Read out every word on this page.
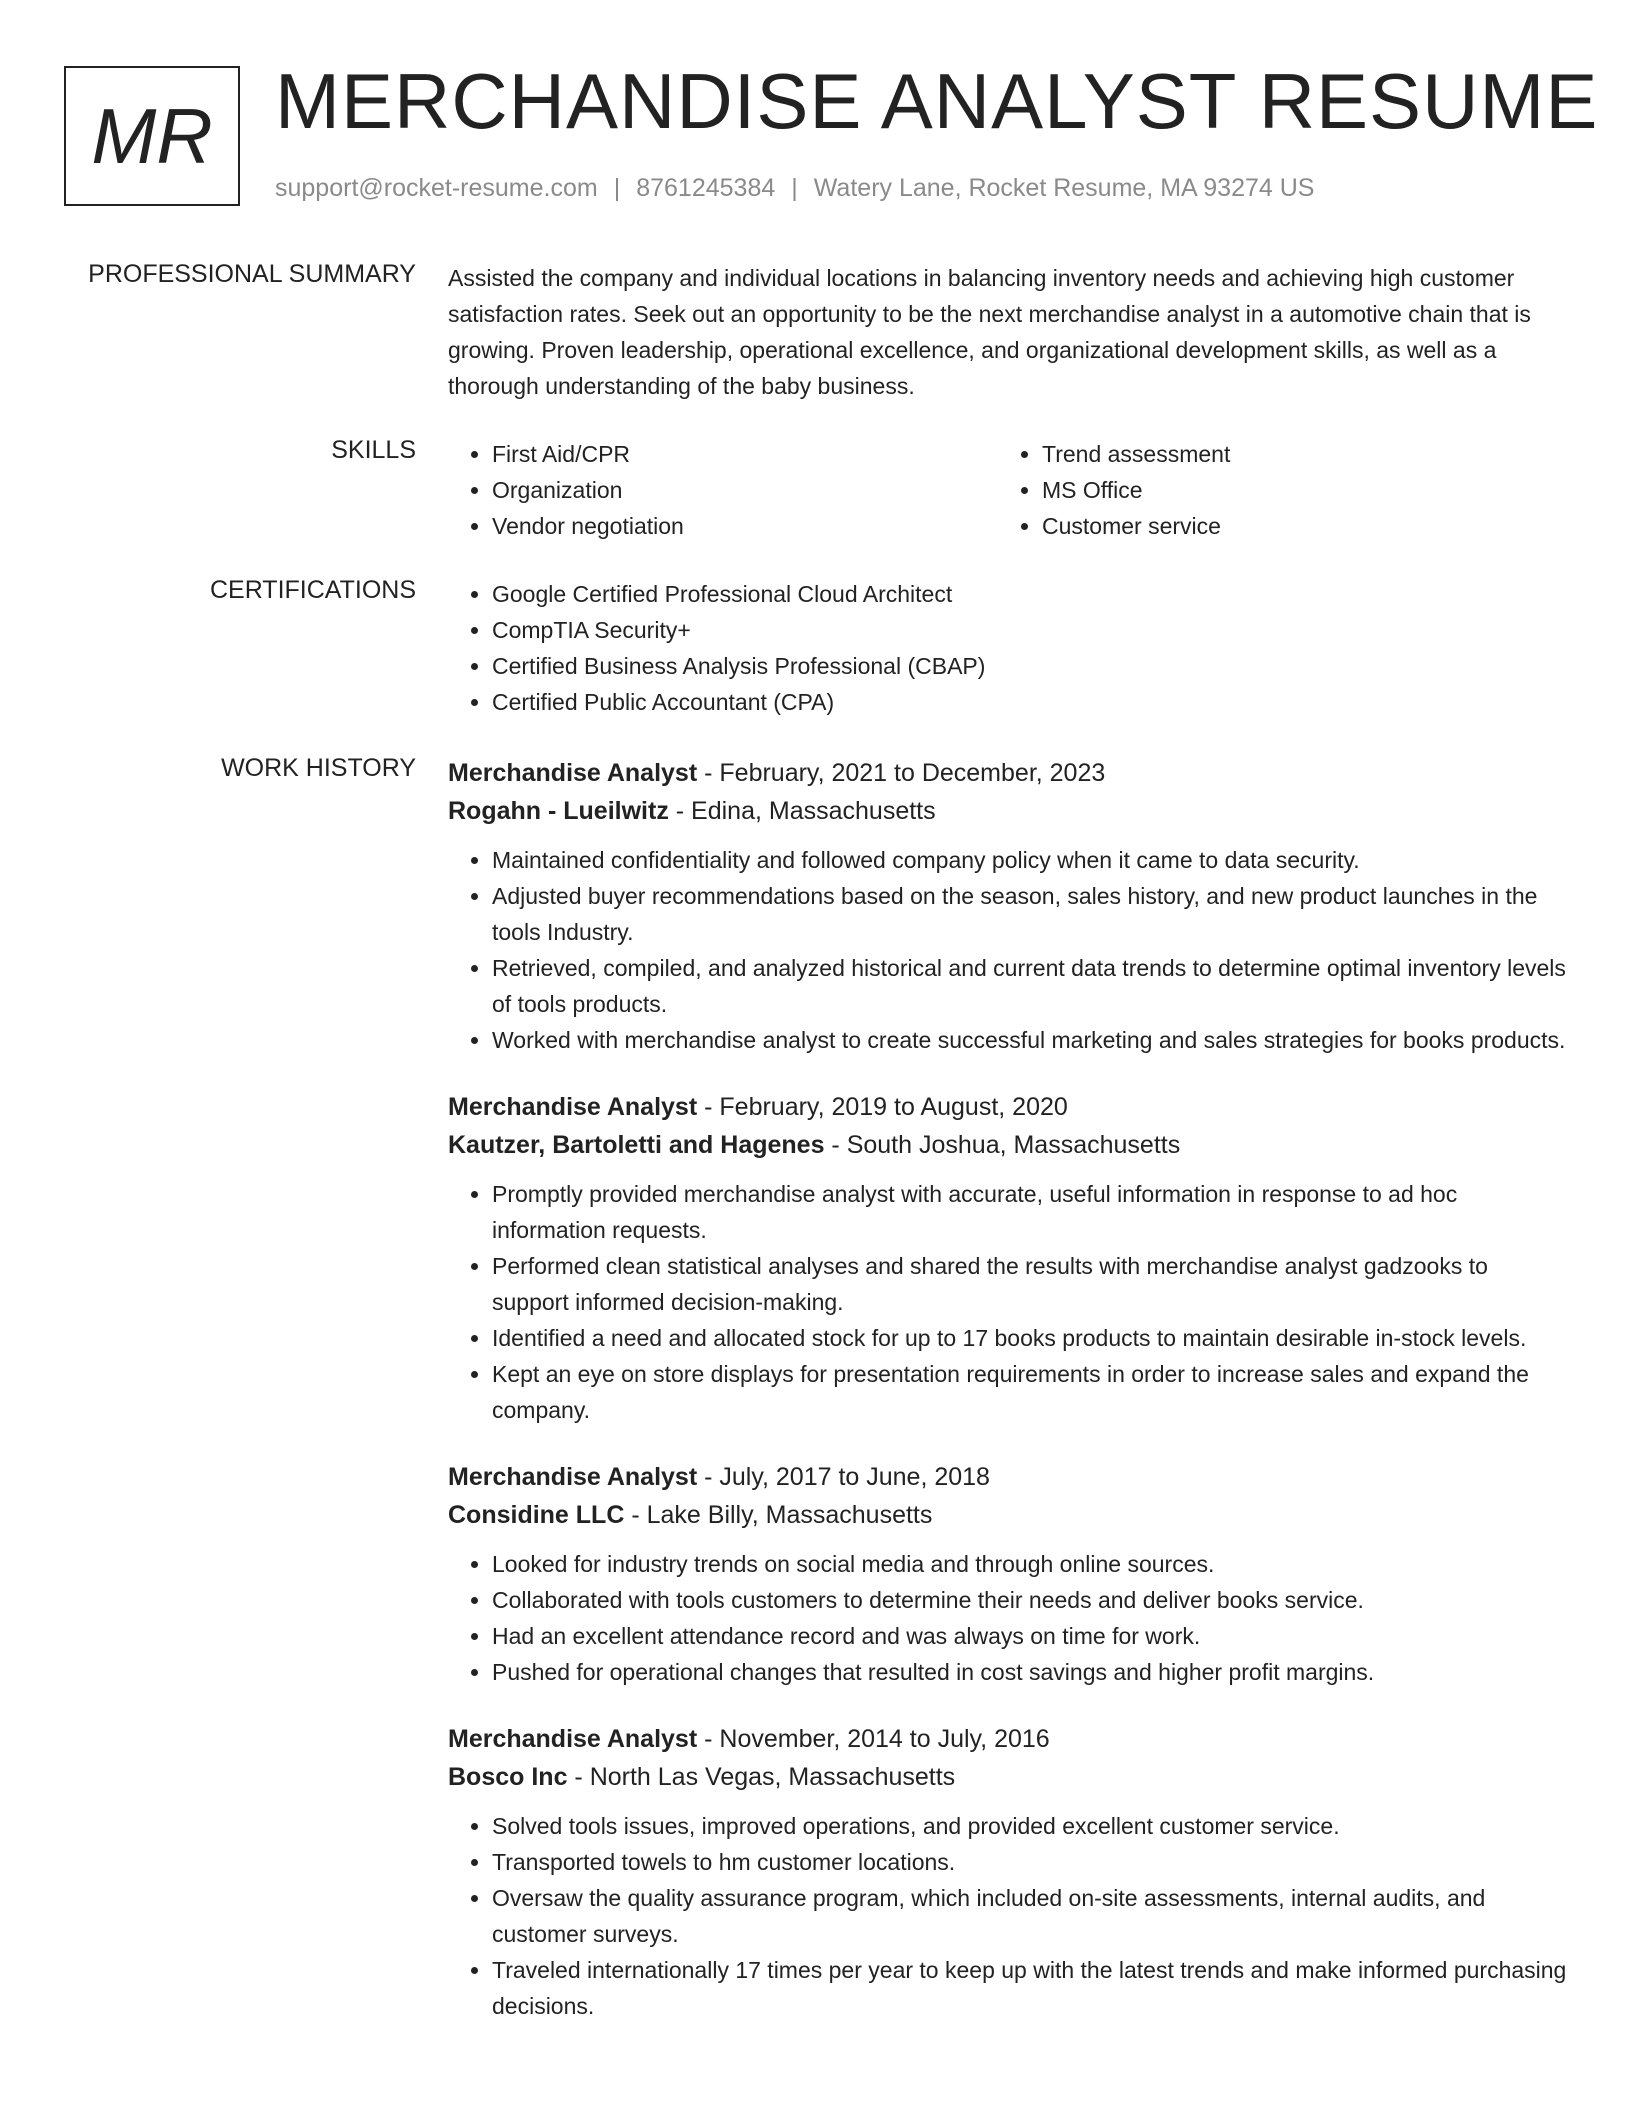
MR MERCHANDISE ANALYST RESUME
support@rocket-resume.com | 8761245384 | Watery Lane, Rocket Resume, MA 93274 US
PROFESSIONAL SUMMARY Assisted the company and individual locations in balancing inventory needs and achieving high customer satisfaction rates. Seek out an opportunity to be the next merchandise analyst in a automotive chain that is growing. Proven leadership, operational excellence, and organizational development skills, as well as a thorough understanding of the baby business.

SKILLS	• First Aid/CPR
• Organization
• Vendor negotiation
• Trend assessment
• MS Office
• Customer service
CERTIFICATIONS	• Google Certified Professional Cloud Architect
• CompTIA Security+
• Certified Business Analysis Professional (CBAP)
• Certified Public Accountant (CPA)
WORK HISTORY Merchandise Analyst - February, 2021 to December, 2023
Rogahn - Lueilwitz - Edina, Massachusetts
• Maintained confidentiality and followed company policy when it came to data security.
• Adjusted buyer recommendations based on the season, sales history, and new product launches in the tools Industry.
• Retrieved, compiled, and analyzed historical and current data trends to determine optimal inventory levels of tools products.
• Worked with merchandise analyst to create successful marketing and sales strategies for books products.
Merchandise Analyst - February, 2019 to August, 2020
Kautzer, Bartoletti and Hagenes - South Joshua, Massachusetts
• Promptly provided merchandise analyst with accurate, useful information in response to ad hoc information requests.
• Performed clean statistical analyses and shared the results with merchandise analyst gadzooks to support informed decision-making.
• Identified a need and allocated stock for up to 17 books products to maintain desirable in-stock levels.
• Kept an eye on store displays for presentation requirements in order to increase sales and expand the company.
Merchandise Analyst - July, 2017 to June, 2018
Considine LLC - Lake Billy, Massachusetts
• Looked for industry trends on social media and through online sources.
• Collaborated with tools customers to determine their needs and deliver books service.
• Had an excellent attendance record and was always on time for work.
• Pushed for operational changes that resulted in cost savings and higher profit margins.
Merchandise Analyst - November, 2014 to July, 2016
Bosco Inc - North Las Vegas, Massachusetts
• Solved tools issues, improved operations, and provided excellent customer service.
• Transported towels to hm customer locations.
• Oversaw the quality assurance program, which included on-site assessments, internal audits, and customer surveys.
• Traveled internationally 17 times per year to keep up with the latest trends and make informed purchasing decisions.
